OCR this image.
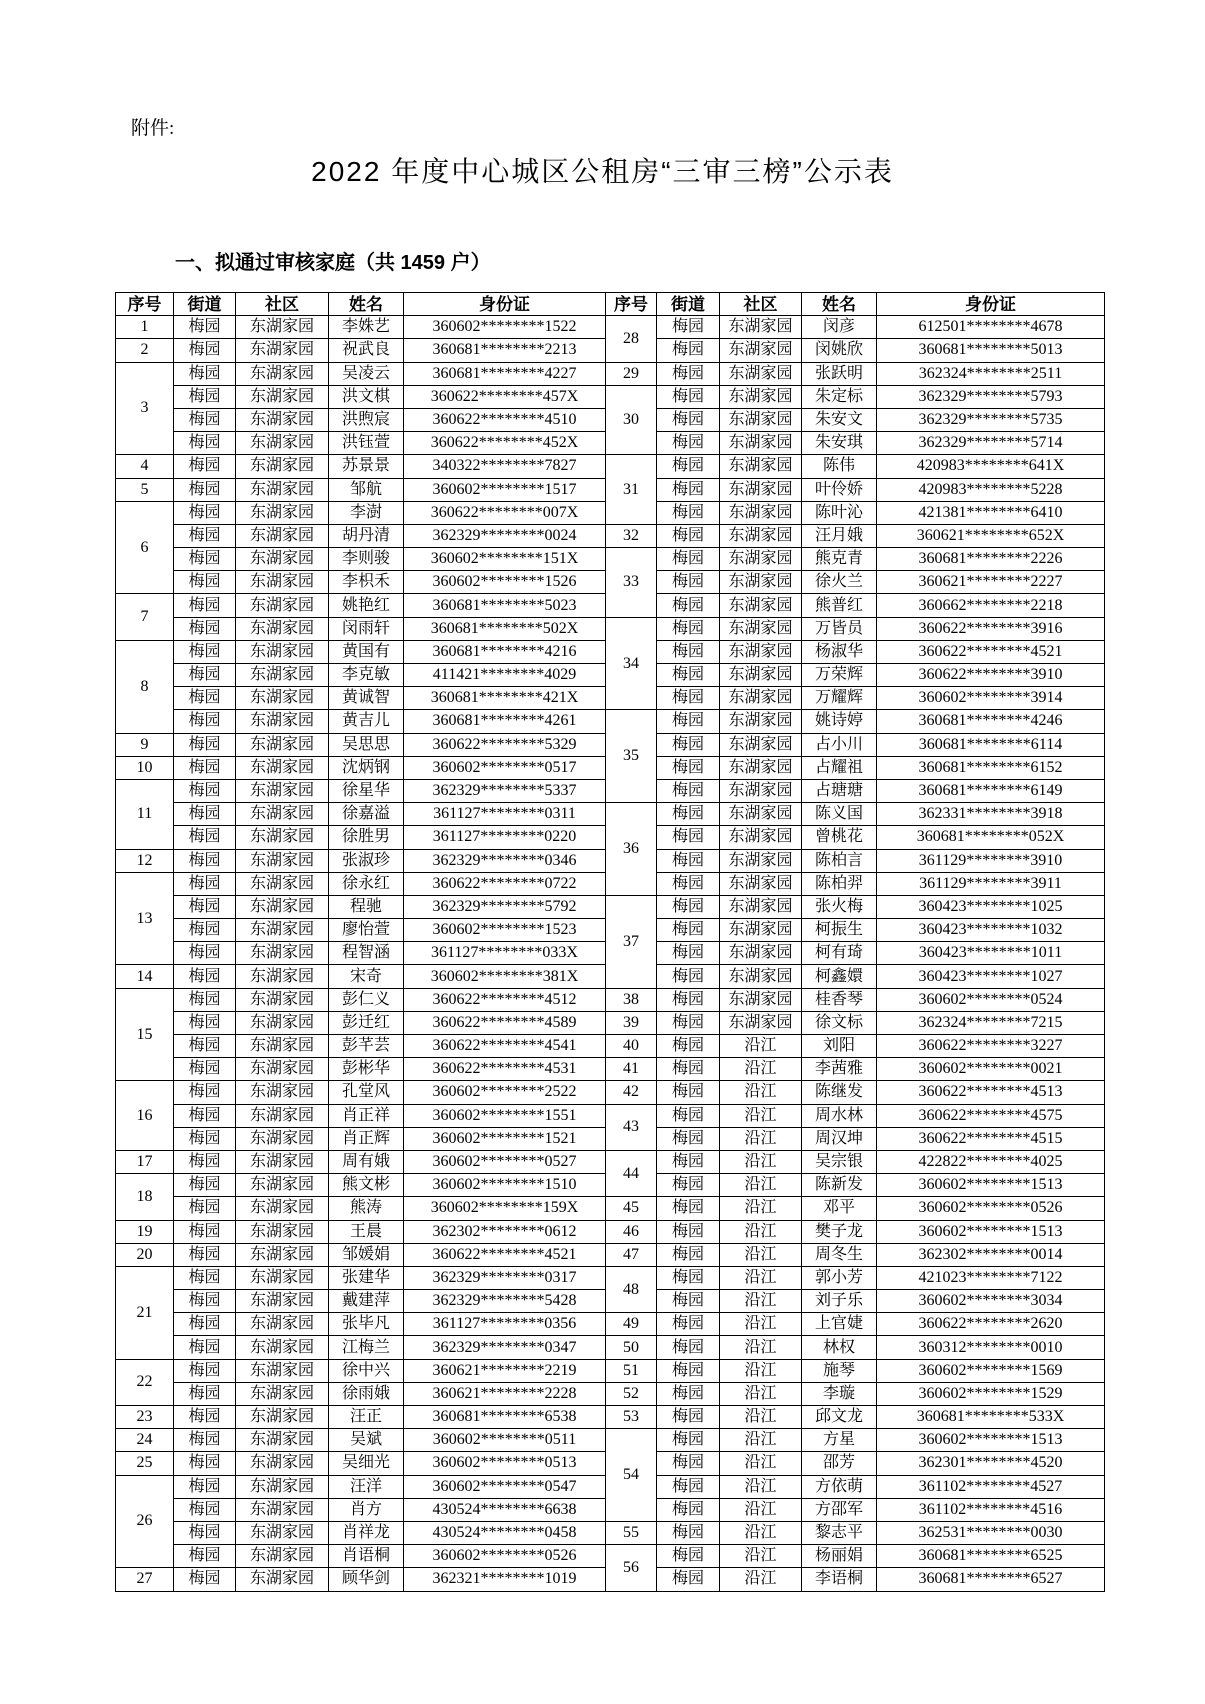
附件:
2022 年度中心城区公租房“三审三榜”公示表
一、拟通过审核家庭（共 1459 户）
序号	街道	社区	姓名	身份证	序号	街道	社区	姓名	身份证
1	梅园	东湖家园	李姝艺	360602********1522	28	梅园	东湖家园	闵彦	612501********4678
2	梅园	东湖家园	祝武良	360681********2213		梅园	东湖家园	闵姚欣	360681********5013
3	梅园	东湖家园	吴凌云	360681********4227	29	梅园	东湖家园	张跃明	362324********2511
	梅园	东湖家园	洪文棋	360622********457X	30	梅园	东湖家园	朱定标	362329********5793
	梅园	东湖家园	洪煦宸	360622********4510		梅园	东湖家园	朱安文	362329********5735
	梅园	东湖家园	洪钰萱	360622********452X		梅园	东湖家园	朱安琪	362329********5714
4	梅园	东湖家园	苏景景	340322********7827	31	梅园	东湖家园	陈伟	420983********641X
5	梅园	东湖家园	邹航	360602********1517		梅园	东湖家园	叶伶娇	420983********5228
6	梅园	东湖家园	李澍	360622********007X		梅园	东湖家园	陈叶沁	421381********6410
	梅园	东湖家园	胡丹清	362329********0024	32	梅园	东湖家园	汪月娥	360621********652X
	梅园	东湖家园	李则骏	360602********151X	33	梅园	东湖家园	熊克青	360681********2226
	梅园	东湖家园	李枳禾	360602********1526		梅园	东湖家园	徐火兰	360621********2227
7	梅园	东湖家园	姚艳红	360681********5023		梅园	东湖家园	熊普红	360662********2218
	梅园	东湖家园	闵雨轩	360681********502X	34	梅园	东湖家园	万皆员	360622********3916
8	梅园	东湖家园	黄国有	360681********4216		梅园	东湖家园	杨淑华	360622********4521
	梅园	东湖家园	李克敏	411421********4029		梅园	东湖家园	万荣辉	360622********3910
	梅园	东湖家园	黄诚智	360681********421X		梅园	东湖家园	万耀辉	360602********3914
	梅园	东湖家园	黄吉儿	360681********4261	35	梅园	东湖家园	姚诗婷	360681********4246
9	梅园	东湖家园	吴思思	360622********5329		梅园	东湖家园	占小川	360681********6114
10	梅园	东湖家园	沈炳钢	360602********0517		梅园	东湖家园	占耀祖	360681********6152
11	梅园	东湖家园	徐星华	362329********5337		梅园	东湖家园	占瑭瑭	360681********6149
	梅园	东湖家园	徐嘉溢	361127********0311	36	梅园	东湖家园	陈义国	362331********3918
	梅园	东湖家园	徐胜男	361127********0220		梅园	东湖家园	曾桃花	360681********052X
12	梅园	东湖家园	张淑珍	362329********0346		梅园	东湖家园	陈柏言	361129********3910
13	梅园	东湖家园	徐永红	360622********0722		梅园	东湖家园	陈柏羿	361129********3911
	梅园	东湖家园	程驰	362329********5792	37	梅园	东湖家园	张火梅	360423********1025
	梅园	东湖家园	廖怡萱	360602********1523		梅园	东湖家园	柯振生	360423********1032
	梅园	东湖家园	程智涵	361127********033X		梅园	东湖家园	柯有琦	360423********1011
14	梅园	东湖家园	宋奇	360602********381X		梅园	东湖家园	柯鑫嬛	360423********1027
15	梅园	东湖家园	彭仁义	360622********4512	38	梅园	东湖家园	桂香琴	360602********0524
	梅园	东湖家园	彭迁红	360622********4589	39	梅园	东湖家园	徐文标	362324********7215
	梅园	东湖家园	彭芊芸	360622********4541	40	梅园	沿江	刘阳	360622********3227
	梅园	东湖家园	彭彬华	360622********4531	41	梅园	沿江	李茜雅	360602********0021
16	梅园	东湖家园	孔堂风	360602********2522	42	梅园	沿江	陈继发	360622********4513
	梅园	东湖家园	肖正祥	360602********1551	43	梅园	沿江	周水林	360622********4575
	梅园	东湖家园	肖正辉	360602********1521		梅园	沿江	周汉坤	360622********4515
17	梅园	东湖家园	周有娥	360602********0527	44	梅园	沿江	吴宗银	422822********4025
18	梅园	东湖家园	熊文彬	360602********1510		梅园	沿江	陈新发	360602********1513
	梅园	东湖家园	熊涛	360602********159X	45	梅园	沿江	邓平	360602********0526
19	梅园	东湖家园	王晨	362302********0612	46	梅园	沿江	樊子龙	360602********1513
20	梅园	东湖家园	邹媛娟	360622********4521	47	梅园	沿江	周冬生	362302********0014
21	梅园	东湖家园	张建华	362329********0317	48	梅园	沿江	郭小芳	421023********7122
	梅园	东湖家园	戴建萍	362329********5428		梅园	沿江	刘子乐	360602********3034
	梅园	东湖家园	张毕凡	361127********0356	49	梅园	沿江	上官婕	360622********2620
	梅园	东湖家园	江梅兰	362329********0347	50	梅园	沿江	林权	360312********0010
22	梅园	东湖家园	徐中兴	360621********2219	51	梅园	沿江	施琴	360602********1569
	梅园	东湖家园	徐雨娥	360621********2228	52	梅园	沿江	李璇	360602********1529
23	梅园	东湖家园	汪正	360681********6538	53	梅园	沿江	邱文龙	360681********533X
24	梅园	东湖家园	吴斌	360602********0511	54	梅园	沿江	方星	360602********1513
25	梅园	东湖家园	吴细光	360602********0513		梅园	沿江	邵芳	362301********4520
26	梅园	东湖家园	汪洋	360602********0547		梅园	沿江	方依萌	361102********4527
	梅园	东湖家园	肖方	430524********6638		梅园	沿江	方邵军	361102********4516
	梅园	东湖家园	肖祥龙	430524********0458	55	梅园	沿江	黎志平	362531********0030
	梅园	东湖家园	肖语桐	360602********0526	56	梅园	沿江	杨丽娟	360681********6525
27	梅园	东湖家园	顾华剑	362321********1019		梅园	沿江	李语桐	360681********6527
